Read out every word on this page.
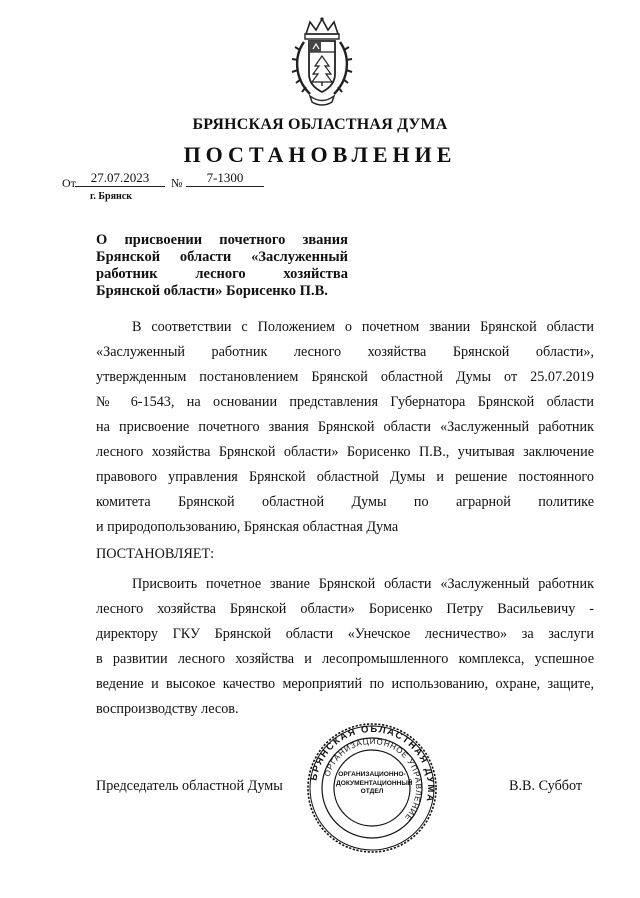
БРЯНСКАЯ ОБЛАСТНАЯ ДУМА
ПОСТАНОВЛЕНИЕ
От	27.07.2023	№	7-1300
г. Брянск
О присвоении почетного звания
Брянской области «Заслуженный
работник лесного хозяйства
Брянской области» Борисенко П.В.
В соответствии с Положением о почетном звании Брянской области
«Заслуженный работник лесного хозяйства Брянской области»,
утвержденным постановлением Брянской областной Думы от 25.07.2019
№ 6-1543, на основании представления Губернатора Брянской области
на присвоение почетного звания Брянской области «Заслуженный работник
лесного хозяйства Брянской области» Борисенко П.В., учитывая заключение
правового управления Брянской областной Думы и решение постоянного
комитета Брянской областной Думы по аграрной политике
и природопользованию, Брянская областная Дума
ПОСТАНОВЛЯЕТ:
Присвоить почетное звание Брянской области «Заслуженный работник
лесного хозяйства Брянской области» Борисенко Петру Васильевичу -
директору ГКУ Брянской области «Унечское лесничество» за заслуги
в развитии лесного хозяйства и лесопромышленного комплекса, успешное
ведение и высокое качество мероприятий по использованию, охране, защите,
воспроизводству лесов.
БРЯНСКАЯ ОБЛАСТНАЯ ДУМА
ОРГАНИЗАЦИОННОЕ УПРАВЛЕНИЕ
ОРГАНИЗАЦИОННО-
ДОКУМЕНТАЦИОННЫЙ
ОТДЕЛ
Председатель областной Думы	В.В. Суббот
